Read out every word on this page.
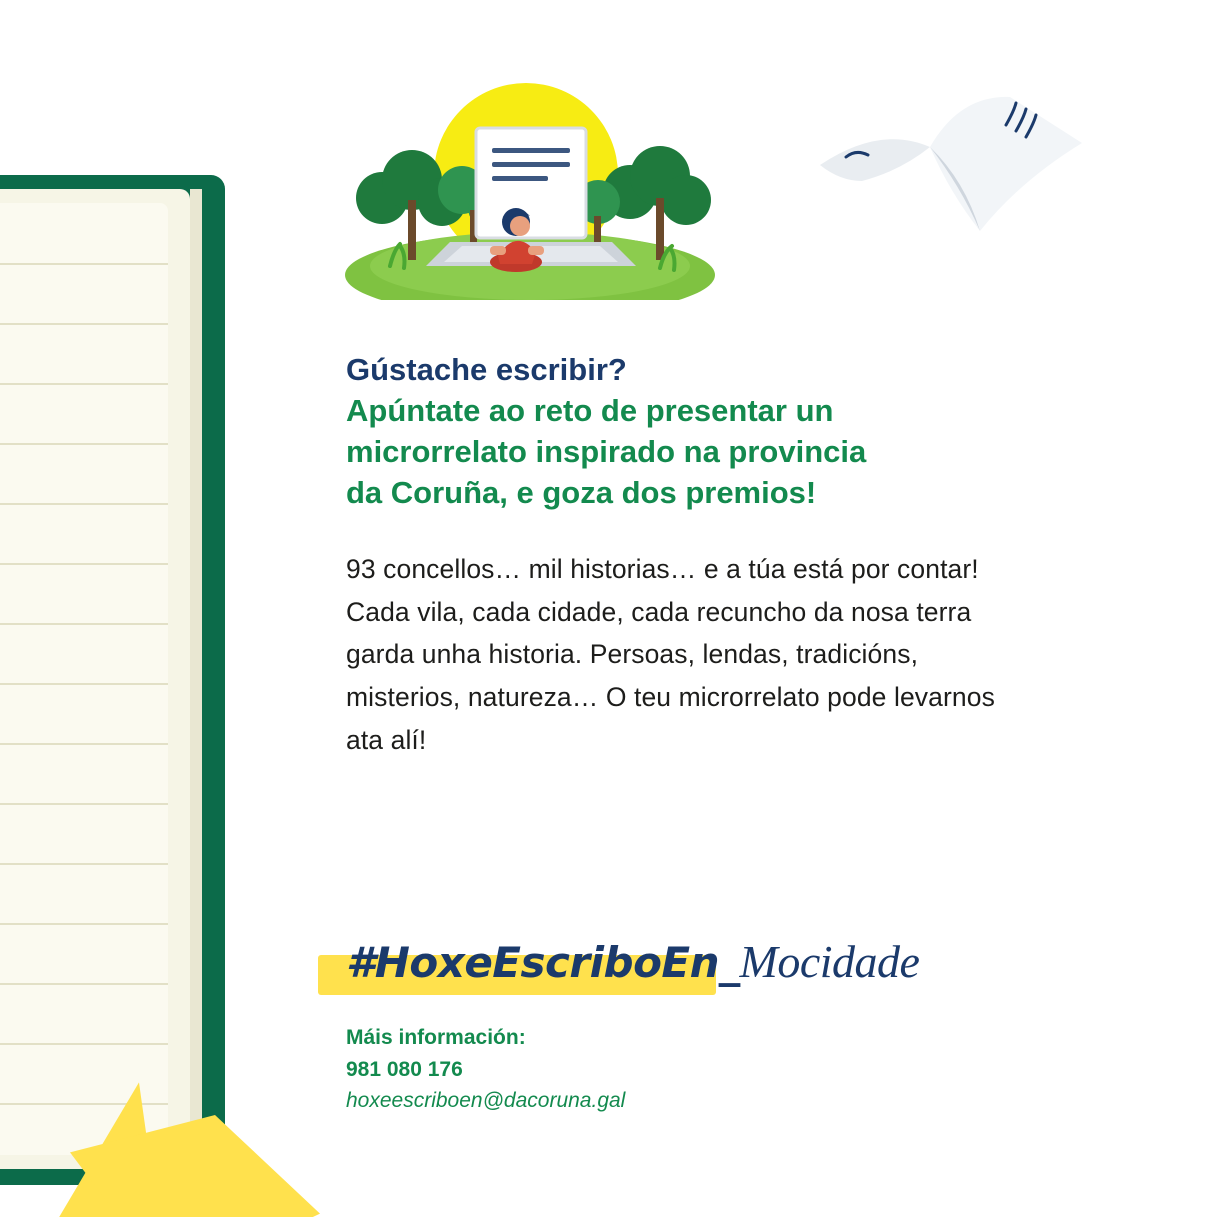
Gústache escribir?
Apúntate ao reto de presentar un
microrrelato inspirado na provincia
da Coruña, e goza dos premios!

93 concellos… mil historias… e a túa está por contar! Cada vila, cada cidade, cada recuncho da nosa terra garda unha historia. Persoas, lendas, tradicións, misterios, natureza… O teu microrrelato pode levarnos ata alí!

#HoxeEscriboEn_Mocidade
Máis información:
981 080 176
hoxeescriboen@dacoruna.gal
